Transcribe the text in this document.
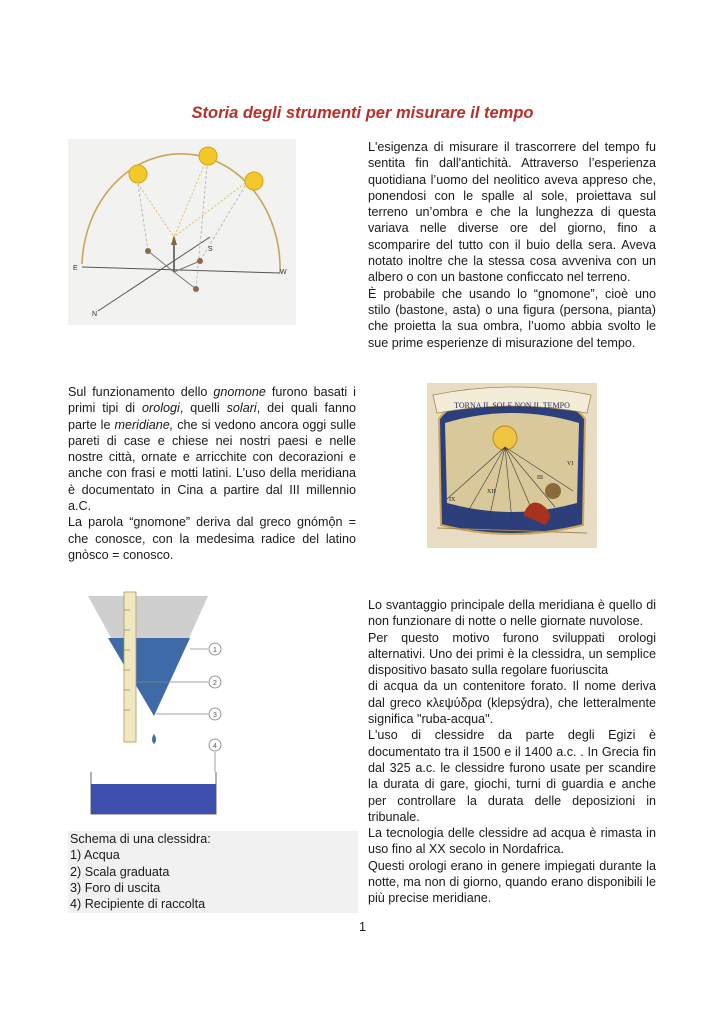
Storia degli strumenti per misurare il tempo
E
W
S
N

L'esigenza di misurare il trascorrere del tempo fu sentita fin dall'antichità. Attraverso l’esperienza quotidiana l’uomo del neolitico aveva appreso che, ponendosi con le spalle al sole, proiettava sul terreno un’ombra e che la lunghezza di questa variava nelle diverse ore del giorno, fino a scomparire del tutto con il buio della sera. Aveva notato inoltre che la stessa cosa avveniva con un albero o con un bastone conficcato nel terreno.

È probabile che usando lo “gnomone”, cioè uno stilo (bastone, asta) o una figura (persona, pianta) che proietta la sua ombra, l’uomo abbia svolto le sue prime esperienze di misurazione del tempo.

Sul funzionamento dello gnomone furono basati i primi tipi di orologi, quelli solari, dei quali fanno parte le meridiane, che si vedono ancora oggi sulle pareti di case e chiese nei nostri paesi e nelle nostre città, ornate e arricchite con decorazioni e anche con frasi e motti latini. L’uso della meridiana è documentato in Cina a partire dal III millennio a.C.

La parola “gnomone” deriva dal greco gnómộn = che conosce, con la medesima radice del latino gnòsco = conosco.

TORNA IL SOLE NON IL TEMPO
IX
XII
III
VI
1
2
3
4

Lo svantaggio principale della meridiana è quello di non funzionare di notte o nelle giornate nuvolose.

Per questo motivo furono sviluppati orologi alternativi. Uno dei primi è la clessidra, un semplice dispositivo basato sulla regolare fuoriuscita

di acqua da un contenitore forato. Il nome deriva dal greco κλεψύδρα (klepsýdra), che letteralmente significa "ruba-acqua".

L'uso di clessidre da parte degli Egizi è documentato tra il 1500 e il 1400 a.c. . In Grecia fin dal 325 a.c. le clessidre furono usate per scandire la durata di gare, giochi, turni di guardia e anche per controllare la durata delle deposizioni in tribunale.

La tecnologia delle clessidre ad acqua è rimasta in uso fino al XX secolo in Nordafrica.

Questi orologi erano in genere impiegati durante la notte, ma non di giorno, quando erano disponibili le più precise meridiane.

Schema di una clessidra:
1) Acqua
2) Scala graduata
3) Foro di uscita
4) Recipiente di raccolta
1
